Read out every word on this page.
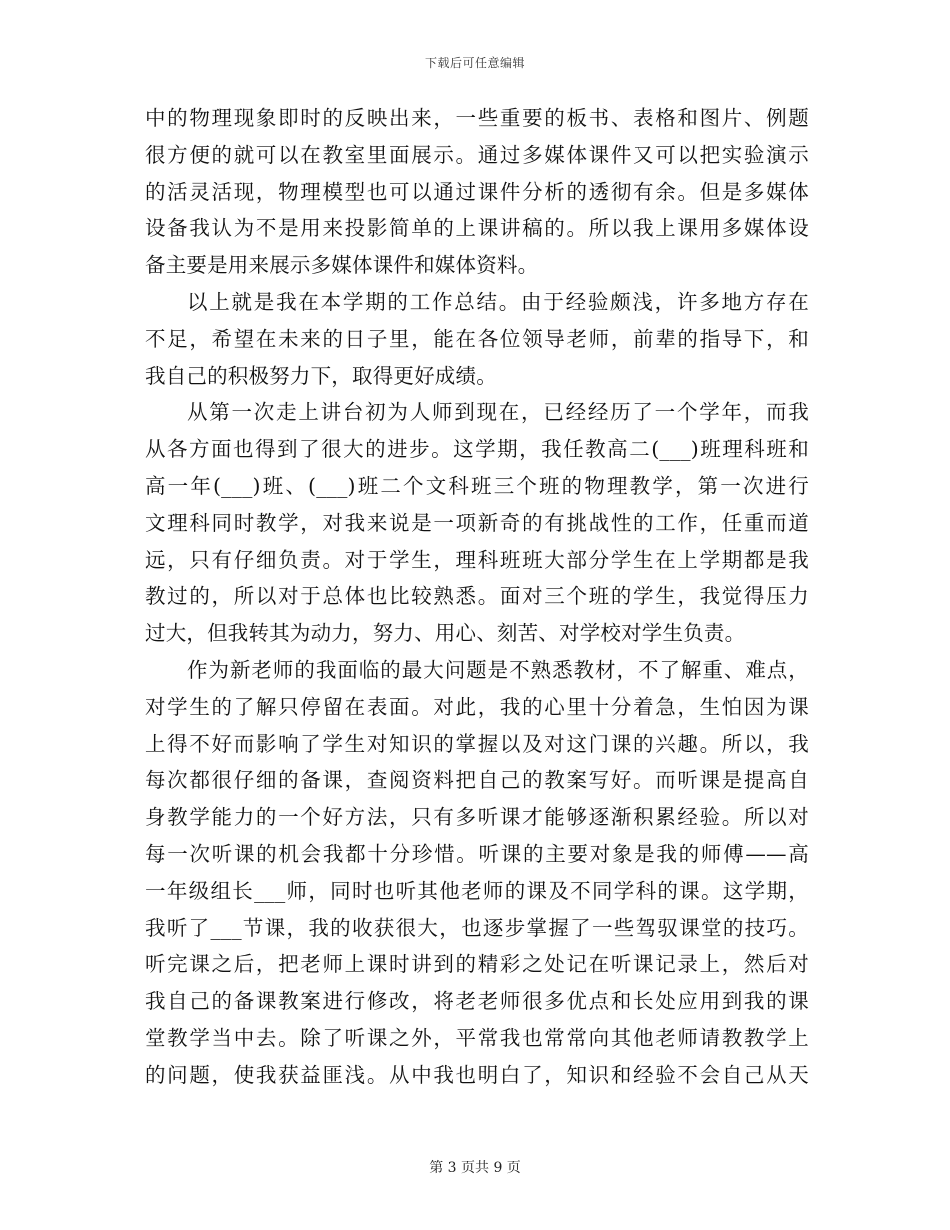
下载后可任意编辑
中的物理现象即时的反映出来，一些重要的板书、表格和图片、例题
很方便的就可以在教室里面展示。通过多媒体课件又可以把实验演示
的活灵活现，物理模型也可以通过课件分析的透彻有余。但是多媒体
设备我认为不是用来投影简单的上课讲稿的。所以我上课用多媒体设
备主要是用来展示多媒体课件和媒体资料。
以上就是我在本学期的工作总结。由于经验颇浅，许多地方存在
不足，希望在未来的日子里，能在各位领导老师，前辈的指导下，和
我自己的积极努力下，取得更好成绩。
从第一次走上讲台初为人师到现在，已经经历了一个学年，而我
从各方面也得到了很大的进步。这学期，我任教高二(___)班理科班和
高一年(___)班、(___)班二个文科班三个班的物理教学，第一次进行
文理科同时教学，对我来说是一项新奇的有挑战性的工作，任重而道
远，只有仔细负责。对于学生，理科班班大部分学生在上学期都是我
教过的，所以对于总体也比较熟悉。面对三个班的学生，我觉得压力
过大，但我转其为动力，努力、用心、刻苦、对学校对学生负责。
作为新老师的我面临的最大问题是不熟悉教材，不了解重、难点，
对学生的了解只停留在表面。对此，我的心里十分着急，生怕因为课
上得不好而影响了学生对知识的掌握以及对这门课的兴趣。所以，我
每次都很仔细的备课，查阅资料把自己的教案写好。而听课是提高自
身教学能力的一个好方法，只有多听课才能够逐渐积累经验。所以对
每一次听课的机会我都十分珍惜。听课的主要对象是我的师傅——高
一年级组长___师，同时也听其他老师的课及不同学科的课。这学期，
我听了___节课，我的收获很大，也逐步掌握了一些驾驭课堂的技巧。
听完课之后，把老师上课时讲到的精彩之处记在听课记录上，然后对
我自己的备课教案进行修改，将老老师很多优点和长处应用到我的课
堂教学当中去。除了听课之外，平常我也常常向其他老师请教教学上
的问题，使我获益匪浅。从中我也明白了，知识和经验不会自己从天
第 3 页共 9 页
